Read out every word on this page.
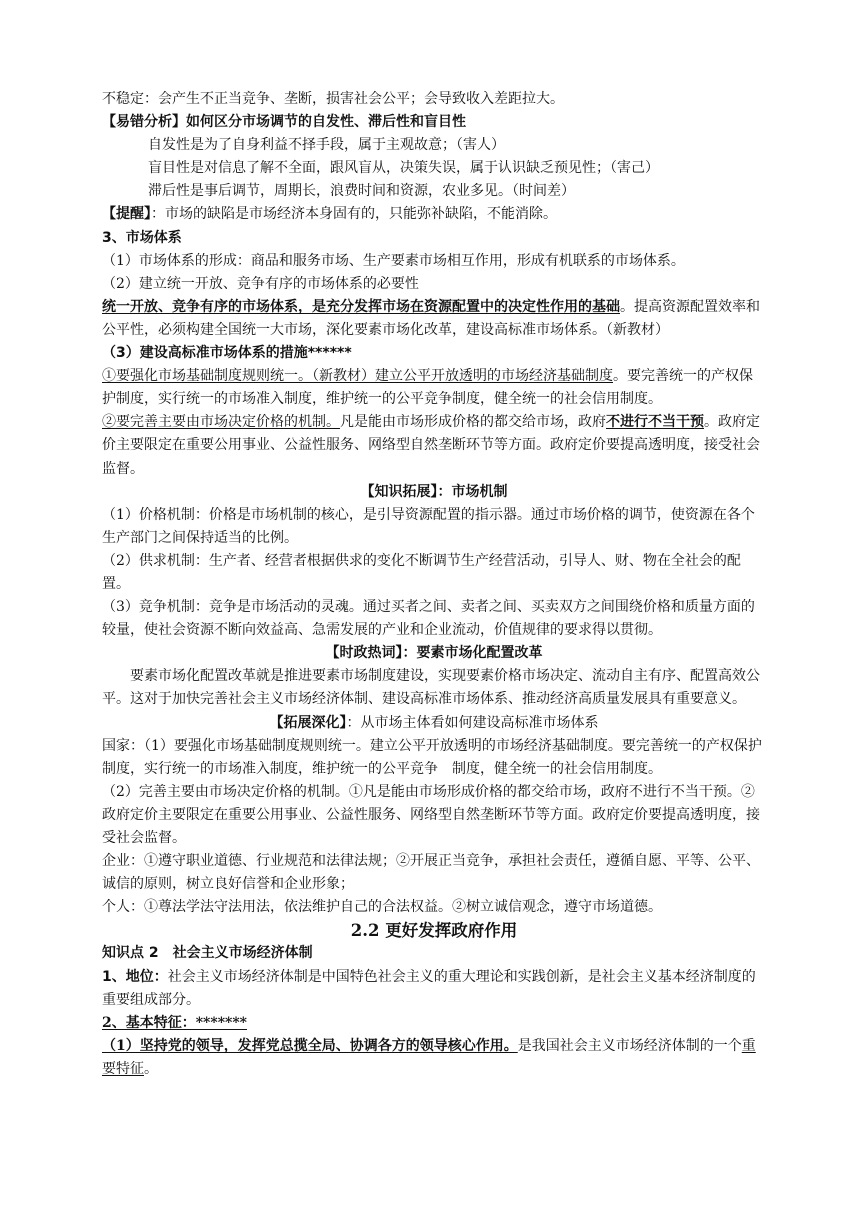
不稳定：会产生不正当竞争、垄断，损害社会公平；会导致收入差距拉大。

【易错分析】如何区分市场调节的自发性、滞后性和盲目性

自发性是为了自身利益不择手段，属于主观故意；（害人）

盲目性是对信息了解不全面，跟风盲从，决策失误，属于认识缺乏预见性；（害己）

滞后性是事后调节，周期长，浪费时间和资源，农业多见。（时间差）

【提醒】：市场的缺陷是市场经济本身固有的，只能弥补缺陷，不能消除。

3、市场体系

（1）市场体系的形成：商品和服务市场、生产要素市场相互作用，形成有机联系的市场体系。

（2）建立统一开放、竞争有序的市场体系的必要性

统一开放、竞争有序的市场体系，是充分发挥市场在资源配置中的决定性作用的基础。提高资源配置效率和公平性，必须构建全国统一大市场，深化要素市场化改革，建设高标准市场体系。（新教材）

（3）建设高标准市场体系的措施******

①要强化市场基础制度规则统一。（新教材）建立公平开放透明的市场经济基础制度。要完善统一的产权保护制度，实行统一的市场准入制度，维护统一的公平竞争制度，健全统一的社会信用制度。

②要完善主要由市场决定价格的机制。凡是能由市场形成价格的都交给市场，政府不进行不当干预。政府定价主要限定在重要公用事业、公益性服务、网络型自然垄断环节等方面。政府定价要提高透明度，接受社会监督。

【知识拓展】：市场机制

（1）价格机制：价格是市场机制的核心，是引导资源配置的指示器。通过市场价格的调节，使资源在各个生产部门之间保持适当的比例。

（2）供求机制：生产者、经营者根据供求的变化不断调节生产经营活动，引导人、财、物在全社会的配置。

（3）竞争机制：竞争是市场活动的灵魂。通过买者之间、卖者之间、买卖双方之间围绕价格和质量方面的较量，使社会资源不断向效益高、急需发展的产业和企业流动，价值规律的要求得以贯彻。

【时政热词】：要素市场化配置改革

要素市场化配置改革就是推进要素市场制度建设，实现要素价格市场决定、流动自主有序、配置高效公平。这对于加快完善社会主义市场经济体制、建设高标准市场体系、推动经济高质量发展具有重要意义。

【拓展深化】：从市场主体看如何建设高标准市场体系

国家：（1）要强化市场基础制度规则统一。建立公平开放透明的市场经济基础制度。要完善统一的产权保护制度，实行统一的市场准入制度，维护统一的公平竞争　制度，健全统一的社会信用制度。

（2）完善主要由市场决定价格的机制。①凡是能由市场形成价格的都交给市场，政府不进行不当干预。②政府定价主要限定在重要公用事业、公益性服务、网络型自然垄断环节等方面。政府定价要提高透明度，接受社会监督。

企业：①遵守职业道德、行业规范和法律法规；②开展正当竞争，承担社会责任，遵循自愿、平等、公平、诚信的原则，树立良好信誉和企业形象；

个人：①尊法学法守法用法，依法维护自己的合法权益。②树立诚信观念，遵守市场道德。

2.2 更好发挥政府作用

知识点 2　社会主义市场经济体制

1、地位：社会主义市场经济体制是中国特色社会主义的重大理论和实践创新，是社会主义基本经济制度的重要组成部分。

2、基本特征：*******

（1）坚持党的领导，发挥党总揽全局、协调各方的领导核心作用。是我国社会主义市场经济体制的一个重要特征。
